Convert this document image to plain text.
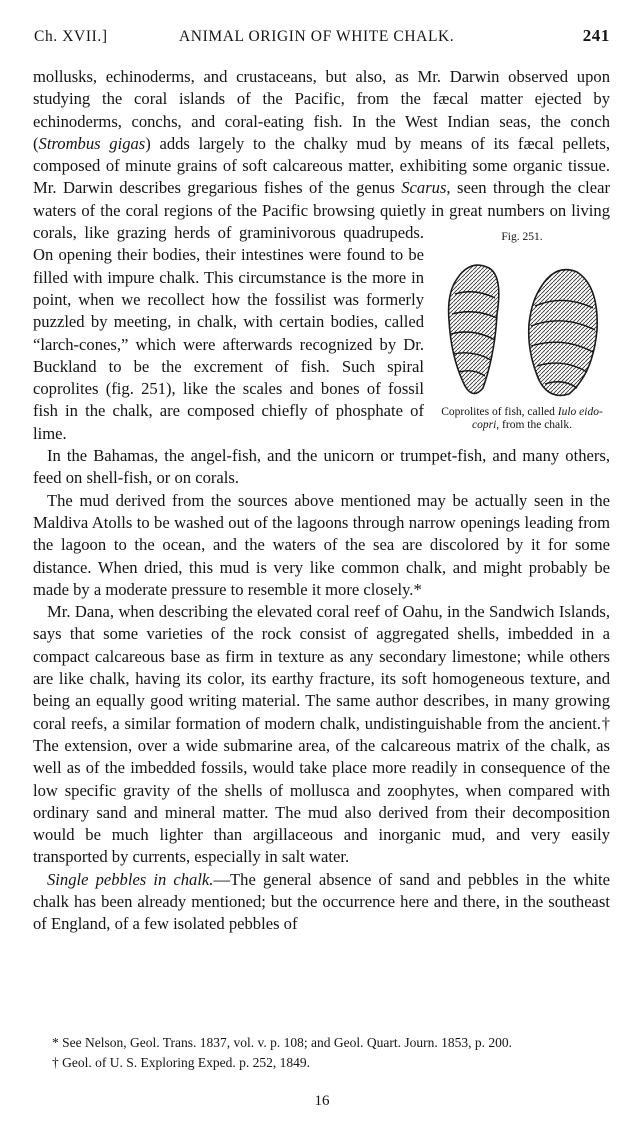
Ch. XVII.]	ANIMAL ORIGIN OF WHITE CHALK.	241

mollusks, echinoderms, and crustaceans, but also, as Mr. Darwin observed upon studying the coral islands of the Pacific, from the fæcal matter ejected by echinoderms, conchs, and coral-eating fish. In the West Indian seas, the conch (Strombus gigas) adds largely to the chalky mud by means of its fæcal pellets, composed of minute grains of soft calcareous matter, exhibiting some organic tissue. Mr. Darwin describes gregarious fishes of the genus Scarus, seen through the clear waters of the coral regions of the Pacific browsing quietly in great numbers
Fig. 251.
Coprolites of fish, called Iulo eido-copri, from the chalk.
on living corals, like grazing herds of graminivorous quadrupeds. On opening their bodies, their intestines were found to be filled with impure chalk. This circumstance is the more in point, when we recollect how the fossilist was formerly puzzled by meeting, in chalk, with certain bodies, called “larch-cones,” which were afterwards recognized by Dr. Buckland to be the excrement of fish. Such spiral coprolites (fig. 251), like the scales and bones of fossil fish in the chalk, are composed chiefly of phosphate of lime.

In the Bahamas, the angel-fish, and the unicorn or trumpet-fish, and many others, feed on shell-fish, or on corals.

The mud derived from the sources above mentioned may be actually seen in the Maldiva Atolls to be washed out of the lagoons through narrow openings leading from the lagoon to the ocean, and the waters of the sea are discolored by it for some distance. When dried, this mud is very like common chalk, and might probably be made by a moderate pressure to resemble it more closely.*

Mr. Dana, when describing the elevated coral reef of Oahu, in the Sandwich Islands, says that some varieties of the rock consist of aggregated shells, imbedded in a compact calcareous base as firm in texture as any secondary limestone; while others are like chalk, having its color, its earthy fracture, its soft homogeneous texture, and being an equally good writing material. The same author describes, in many growing coral reefs, a similar formation of modern chalk, undistinguishable from the ancient.† The extension, over a wide submarine area, of the calcareous matrix of the chalk, as well as of the imbedded fossils, would take place more readily in consequence of the low specific gravity of the shells of mollusca and zoophytes, when compared with ordinary sand and mineral matter. The mud also derived from their decomposition would be much lighter than argillaceous and inorganic mud, and very easily transported by currents, especially in salt water.

Single pebbles in chalk.—The general absence of sand and pebbles in the white chalk has been already mentioned; but the occurrence here and there, in the southeast of England, of a few isolated pebbles of

* See Nelson, Geol. Trans. 1837, vol. v. p. 108; and Geol. Quart. Journ. 1853, p. 200.

† Geol. of U. S. Exploring Exped. p. 252, 1849.

16
